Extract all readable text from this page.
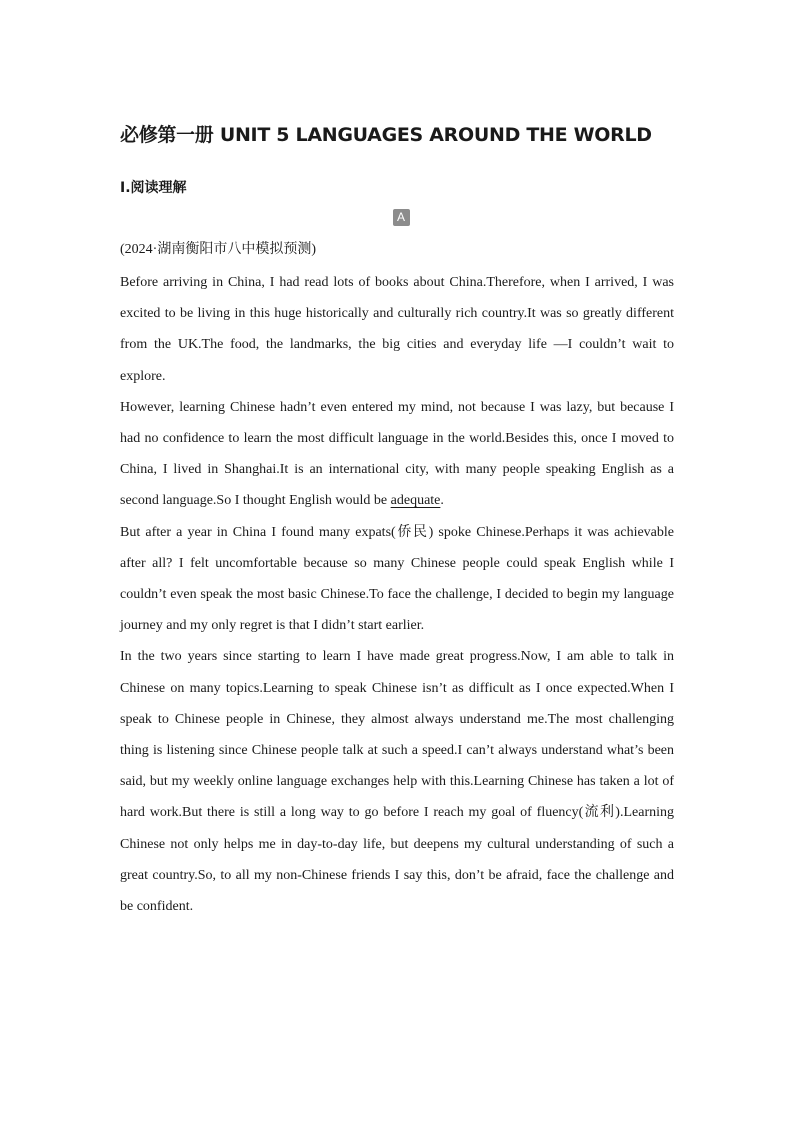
必修第一册 UNIT 5 LANGUAGES AROUND THE WORLD
Ⅰ.阅读理解
A
(2024·湖南衡阳市八中模拟预测)

Before arriving in China, I had read lots of books about China.Therefore, when I arrived, I was excited to be living in this huge historically and culturally rich country.It was so greatly different from the UK.The food, the landmarks, the big cities and everyday life —I couldn’t wait to explore.

However, learning Chinese hadn’t even entered my mind, not because I was lazy, but because I had no confidence to learn the most difficult language in the world.Besides this, once I moved to China, I lived in Shanghai.It is an international city, with many people speaking English as a second language.So I thought English would be adequate.

But after a year in China I found many expats(侨民) spoke Chinese.Perhaps it was achievable after all? I felt uncomfortable because so many Chinese people could speak English while I couldn’t even speak the most basic Chinese.To face the challenge, I decided to begin my language journey and my only regret is that I didn’t start earlier.

In the two years since starting to learn I have made great progress.Now, I am able to talk in Chinese on many topics.Learning to speak Chinese isn’t as difficult as I once expected.When I speak to Chinese people in Chinese, they almost always understand me.The most challenging thing is listening since Chinese people talk at such a speed.I can’t always understand what’s been said, but my weekly online language exchanges help with this.Learning Chinese has taken a lot of hard work.But there is still a long way to go before I reach my goal of fluency(流利).Learning Chinese not only helps me in day-to-day life, but deepens my cultural understanding of such a great country.So, to all my non-Chinese friends I say this, don’t be afraid, face the challenge and be confident.
